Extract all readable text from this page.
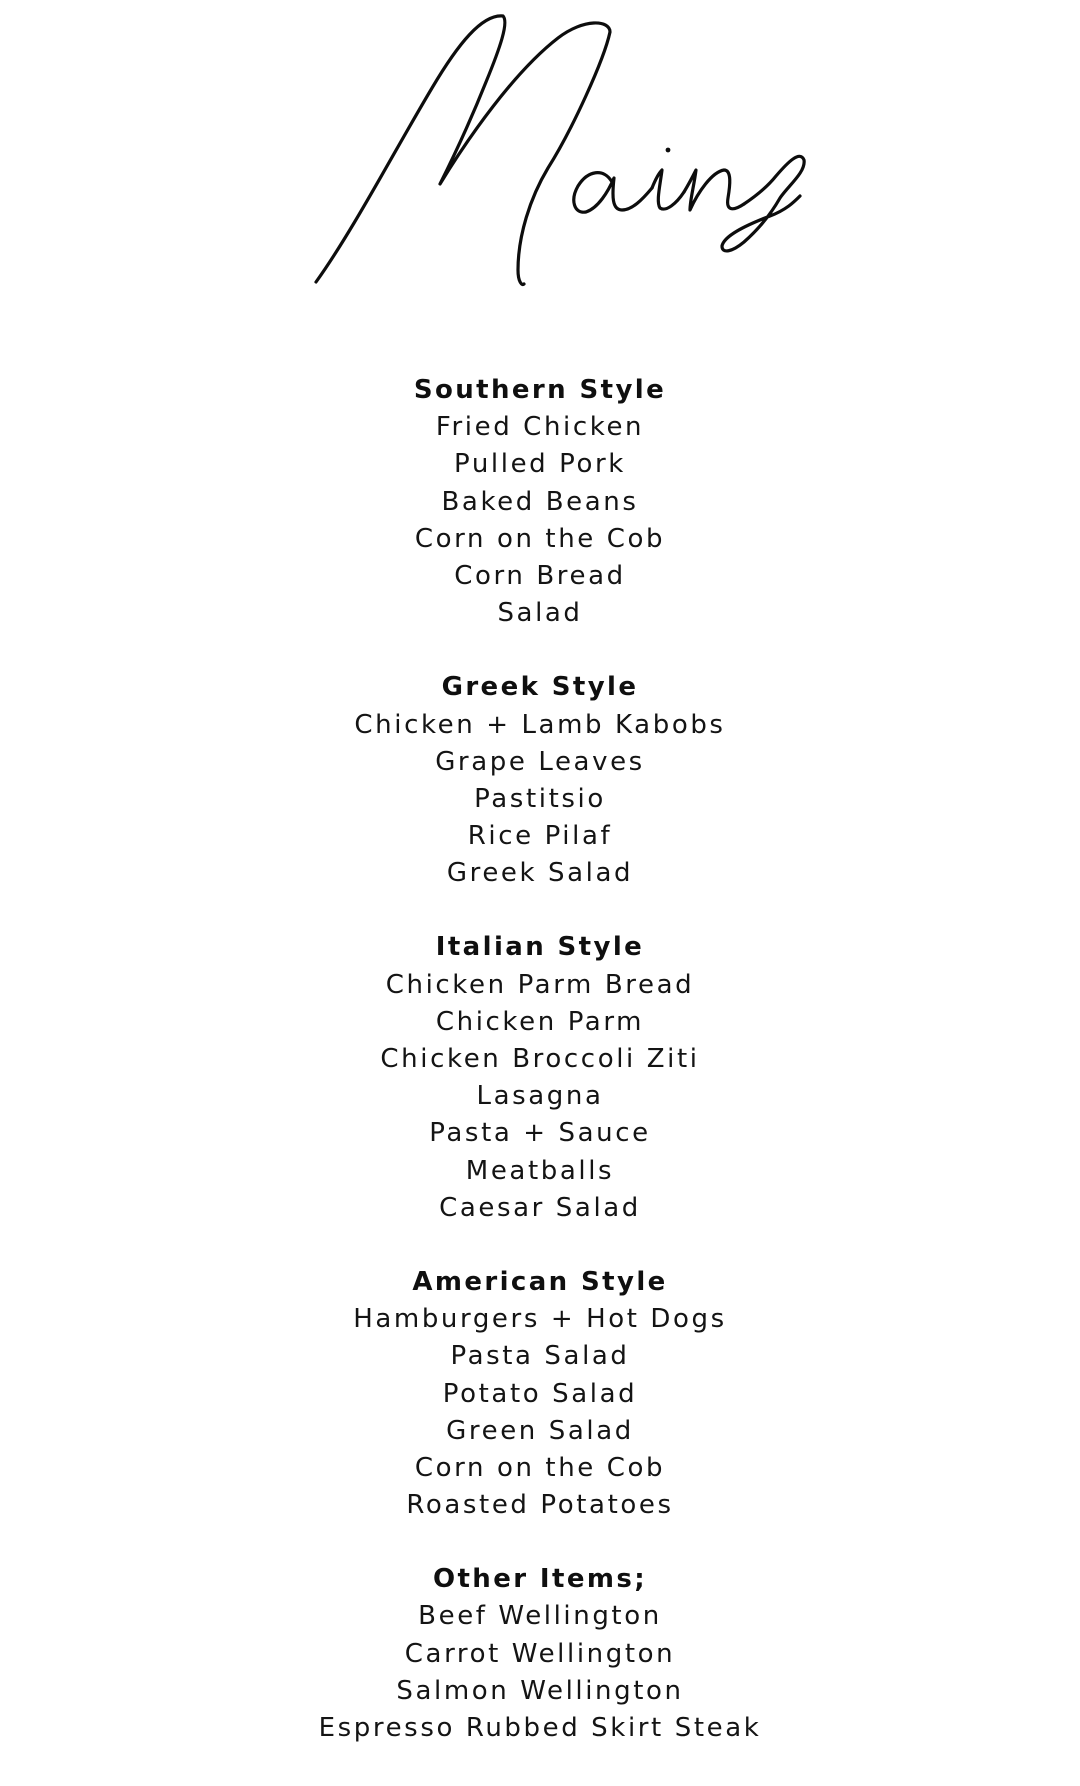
Southern Style
Fried Chicken
Pulled Pork
Baked Beans
Corn on the Cob
Corn Bread
Salad
Greek Style
Chicken + Lamb Kabobs
Grape Leaves
Pastitsio
Rice Pilaf
Greek Salad
Italian Style
Chicken Parm Bread
Chicken Parm
Chicken Broccoli Ziti
Lasagna
Pasta + Sauce
Meatballs
Caesar Salad
American Style
Hamburgers + Hot Dogs
Pasta Salad
Potato Salad
Green Salad
Corn on the Cob
Roasted Potatoes
Other Items;
Beef Wellington
Carrot Wellington
Salmon Wellington
Espresso Rubbed Skirt Steak
